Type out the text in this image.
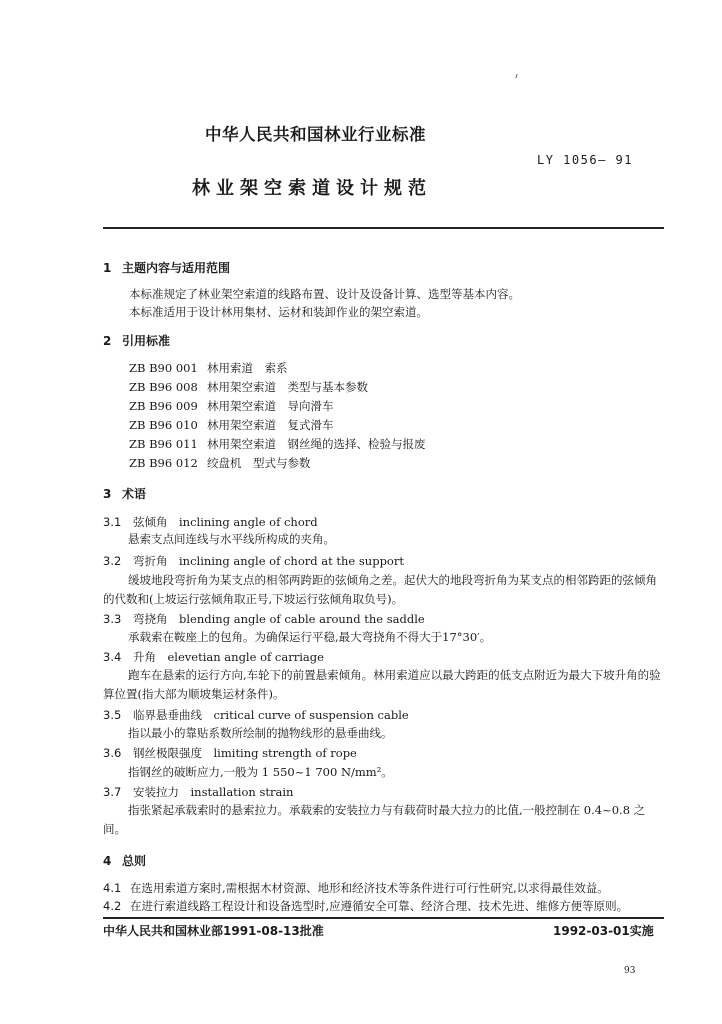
中华人民共和国林业行业标准
LY 1056— 91
林业架空索道设计规范
1 主题内容与适用范围
本标准规定了林业架空索道的线路布置、设计及设备计算、选型等基本内容。
本标准适用于设计林用集材、运材和装卸作业的架空索道。
2 引用标准
ZB B90 001 林用索道　索系
ZB B96 008 林用架空索道　类型与基本参数
ZB B96 009 林用架空索道　导向滑车
ZB B96 010 林用架空索道　复式滑车
ZB B96 011 林用架空索道　钢丝绳的选择、检验与报废
ZB B96 012 绞盘机　型式与参数
3 术语
3.1 弦倾角　inclining angle of chord
悬索支点间连线与水平线所构成的夹角。
3.2 弯折角　inclining angle of chord at the support
缓坡地段弯折角为某支点的相邻两跨距的弦倾角之差。起伏大的地段弯折角为某支点的相邻跨距的弦倾角的代数和(上坡运行弦倾角取正号,下坡运行弦倾角取负号)。
3.3 弯挠角　blending angle of cable around the saddle
承载索在鞍座上的包角。为确保运行平稳,最大弯挠角不得大于17°30′。
3.4 升角　elevetian angle of carriage
跑车在悬索的运行方向,车轮下的前置悬索倾角。林用索道应以最大跨距的低支点附近为最大下坡升角的验算位置(指大部为顺坡集运材条件)。
3.5 临界悬垂曲线　critical curve of suspension cable
指以最小的靠贴系数所绘制的抛物线形的悬垂曲线。
3.6 钢丝极限强度　limiting strength of rope
指钢丝的破断应力,一般为 1 550~1 700 N/mm²。
3.7 安装拉力　installation strain
指张紧起承载索时的悬索拉力。承载索的安装拉力与有载荷时最大拉力的比值,一般控制在 0.4~0.8 之间。
4 总则
4.1 在选用索道方案时,需根据木材资源、地形和经济技术等条件进行可行性研究,以求得最佳效益。
4.2 在进行索道线路工程设计和设备选型时,应遵循安全可靠、经济合理、技术先进、维修方便等原则。
中华人民共和国林业部1991-08-13批准	1992-03-01实施
93
